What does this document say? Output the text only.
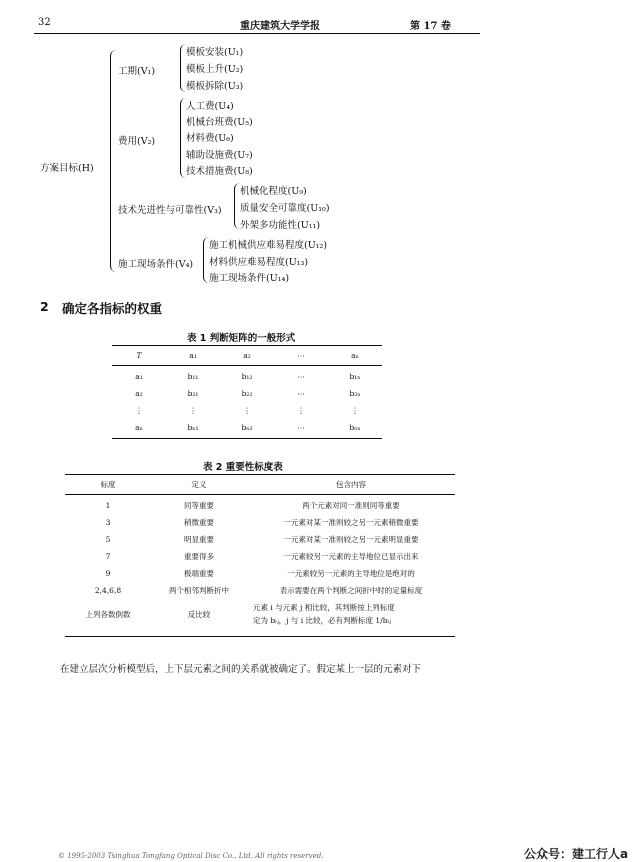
32	重庆建筑大学学报	第 17 卷
方案目标(H)
工期(V₁)
模板安装(U₁)
模板上升(U₂)
模板拆除(U₃)
费用(V₂)
人工费(U₄)
机械台班费(U₅)
材料费(U₆)
辅助设施费(U₇)
技术措施费(U₈)
技术先进性与可靠性(V₃)
机械化程度(U₉)
质量安全可靠度(U₁₀)
外架多功能性(U₁₁)
施工现场条件(V₄)
施工机械供应难易程度(U₁₂)
材料供应难易程度(U₁₃)
施工现场条件(U₁₄)
2 确定各指标的权重
表 1 判断矩阵的一般形式
T	a₁	a₂	⋯	aₙ
a₁	b₁₁	b₁₂	⋯	b₁ₙ
a₂	b₂₁	b₂₂	⋯	b₂ₙ
⋮	⋮	⋮	⋮	⋮
aₙ	bₙ₁	bₙ₂	⋯	bₙₙ
表 2 重要性标度表
标度	定义	包含内容
1	同等重要	两个元素对同一准则同等重要
3	稍微重要	一元素对某一准则较之另一元素稍微重要
5	明显重要	一元素对某一准则较之另一元素明显重要
7	重要得多	一元素较另一元素的主导地位已显示出来
9	极端重要	一元素较另一元素的主导地位是绝对的
2,4,6,8	两个相邻判断折中	表示需要在两个判断之间折中时的定量标度
上列各数倒数	反比较	元素 i 与元素 j 相比较，其判断按上列标度
定为 bᵢⱼ，j 与 i 比较，必有判断标度 1/bᵢⱼ
在建立层次分析模型后，上下层元素之间的关系就被确定了。假定某上一层的元素对下
© 1995-2003 Tsinghua Tongfang Optical Disc Co., Ltd. All rights reserved.	公众号：建工行人a
